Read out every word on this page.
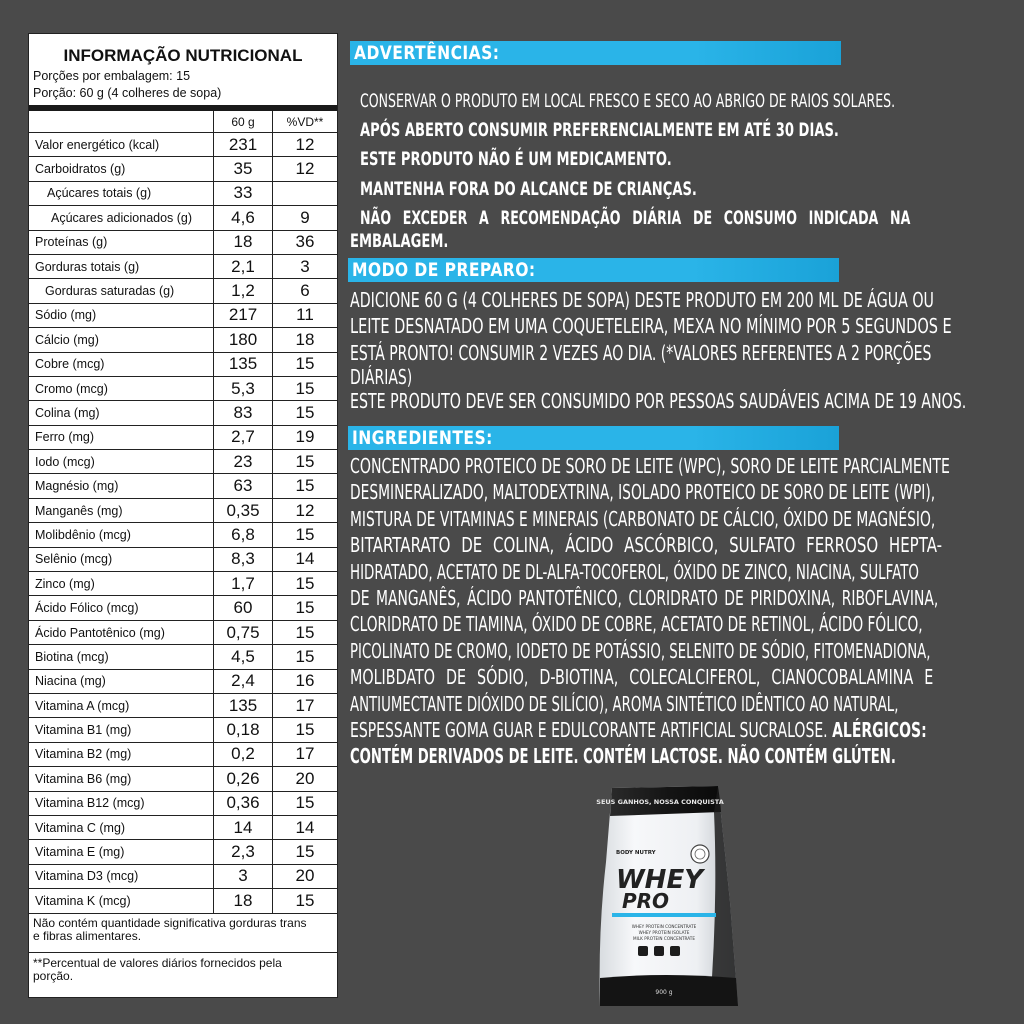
INFORMAÇÃO NUTRICIONAL
Porções por embalagem: 15
Porção: 60 g (4 colheres de sopa)
	60 g	%VD**
Valor energético (kcal)	231	12
Carboidratos (g)	35	12
Açúcares totais (g)	33	
Açúcares adicionados (g)	4,6	9
Proteínas (g)	18	36
Gorduras totais (g)	2,1	3
Gorduras saturadas (g)	1,2	6
Sódio (mg)	217	11
Cálcio (mg)	180	18
Cobre (mcg)	135	15
Cromo (mcg)	5,3	15
Colina (mg)	83	15
Ferro (mg)	2,7	19
Iodo (mcg)	23	15
Magnésio (mg)	63	15
Manganês (mg)	0,35	12
Molibdênio (mcg)	6,8	15
Selênio (mcg)	8,3	14
Zinco (mg)	1,7	15
Ácido Fólico (mcg)	60	15
Ácido Pantotênico (mg)	0,75	15
Biotina (mcg)	4,5	15
Niacina (mg)	2,4	16
Vitamina A (mcg)	135	17
Vitamina B1 (mg)	0,18	15
Vitamina B2 (mg)	0,2	17
Vitamina B6 (mg)	0,26	20
Vitamina B12 (mcg)	0,36	15
Vitamina C (mg)	14	14
Vitamina E (mg)	2,3	15
Vitamina D3 (mcg)	3	20
Vitamina K (mcg)	18	15
Não contém quantidade significativa gorduras trans
e fibras alimentares.
**Percentual de valores diários fornecidos pela
porção.
ADVERTÊNCIAS:
CONSERVAR O PRODUTO EM LOCAL FRESCO E SECO AO ABRIGO DE RAIOS SOLARES.
APÓS ABERTO CONSUMIR PREFERENCIALMENTE EM ATÉ 30 DIAS.
ESTE PRODUTO NÃO É UM MEDICAMENTO.
MANTENHA FORA DO ALCANCE DE CRIANÇAS.
NÃO EXCEDER A RECOMENDAÇÃO DIÁRIA DE CONSUMO INDICADA NA
EMBALAGEM.
MODO DE PREPARO:
ADICIONE 60 G (4 COLHERES DE SOPA) DESTE PRODUTO EM 200 ML DE ÁGUA OU
LEITE DESNATADO EM UMA COQUETELEIRA, MEXA NO MÍNIMO POR 5 SEGUNDOS E
ESTÁ PRONTO! CONSUMIR 2 VEZES AO DIA. (*VALORES REFERENTES A 2 PORÇÕES
DIÁRIAS)
ESTE PRODUTO DEVE SER CONSUMIDO POR PESSOAS SAUDÁVEIS ACIMA DE 19 ANOS.
INGREDIENTES:
CONCENTRADO PROTEICO DE SORO DE LEITE (WPC), SORO DE LEITE PARCIALMENTE
DESMINERALIZADO, MALTODEXTRINA, ISOLADO PROTEICO DE SORO DE LEITE (WPI),
MISTURA DE VITAMINAS E MINERAIS (CARBONATO DE CÁLCIO, ÓXIDO DE MAGNÉSIO,
BITARTARATO DE COLINA, ÁCIDO ASCÓRBICO, SULFATO FERROSO HEPTA-
HIDRATADO, ACETATO DE DL-ALFA-TOCOFEROL, ÓXIDO DE ZINCO, NIACINA, SULFATO
DE MANGANÊS, ÁCIDO PANTOTÊNICO, CLORIDRATO DE PIRIDOXINA, RIBOFLAVINA,
CLORIDRATO DE TIAMINA, ÓXIDO DE COBRE, ACETATO DE RETINOL, ÁCIDO FÓLICO,
PICOLINATO DE CROMO, IODETO DE POTÁSSIO, SELENITO DE SÓDIO, FITOMENADIONA,
MOLIBDATO DE SÓDIO, D-BIOTINA, COLECALCIFEROL, CIANOCOBALAMINA E
ANTIUMECTANTE DIÓXIDO DE SILÍCIO), AROMA SINTÉTICO IDÊNTICO AO NATURAL,
ESPESSANTE GOMA GUAR E EDULCORANTE ARTIFICIAL SUCRALOSE. ALÉRGICOS:
CONTÉM DERIVADOS DE LEITE. CONTÉM LACTOSE. NÃO CONTÉM GLÚTEN.
SEUS GANHOS, NOSSA CONQUISTA
BODY NUTRY
WHEY
PRO
WHEY PROTEIN CONCENTRATE
WHEY PROTEIN ISOLATE
MILK PROTEIN CONCENTRATE
900 g
